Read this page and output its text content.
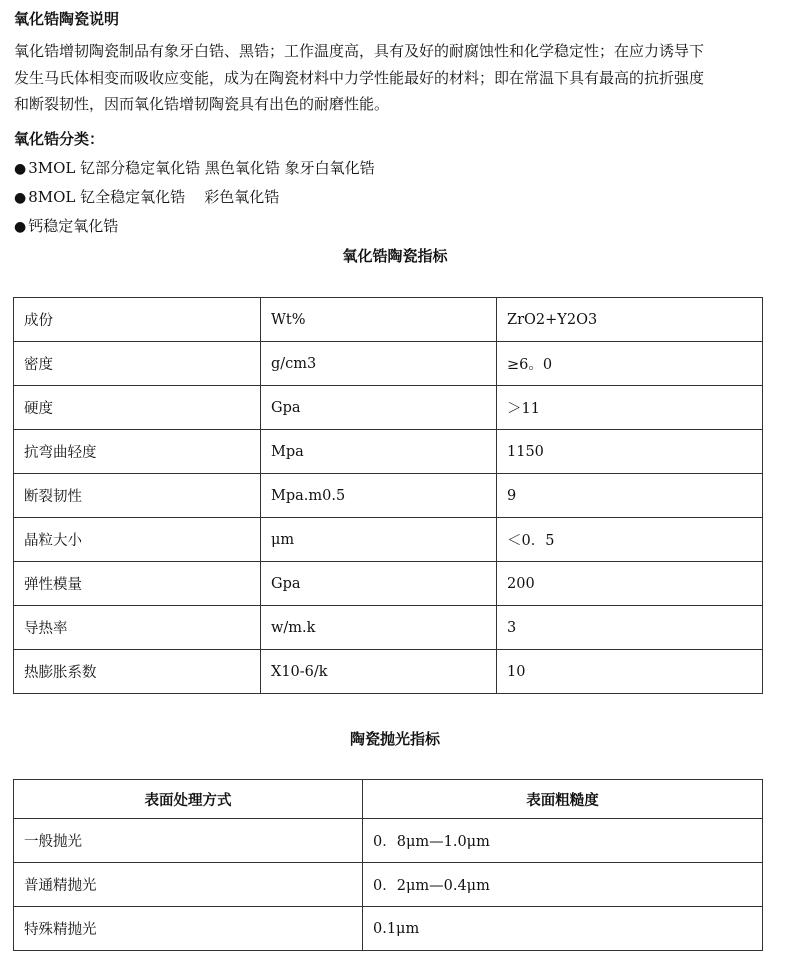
氧化锆陶瓷说明
氧化锆增韧陶瓷制品有象牙白锆、黑锆；工作温度高，具有及好的耐腐蚀性和化学稳定性；在应力诱导下
发生马氏体相变而吸收应变能，成为在陶瓷材料中力学性能最好的材料；即在常温下具有最高的抗折强度
和断裂韧性，因而氧化锆增韧陶瓷具有出色的耐磨性能。
氧化锆分类：
● 3MOL 钇部分稳定氧化锆 黑色氧化锆 象牙白氧化锆
● 8MOL 钇全稳定氧化锆    彩色氧化锆
● 钙稳定氧化锆
氧化锆陶瓷指标
成份	Wt%	ZrO2+Y2O3
密度	g/cm3	≥6。0
硬度	Gpa	＞11
抗弯曲轻度	Mpa	1150
断裂韧性	Mpa.m0.5	9
晶粒大小	μm	＜0．5
弹性模量	Gpa	200
导热率	w/m.k	3
热膨胀系数	X10-6/k	10
陶瓷抛光指标
表面处理方式	表面粗糙度
一般抛光	0．8μm—1.0μm
普通精抛光	0．2μm—0.4μm
特殊精抛光	0.1μm
